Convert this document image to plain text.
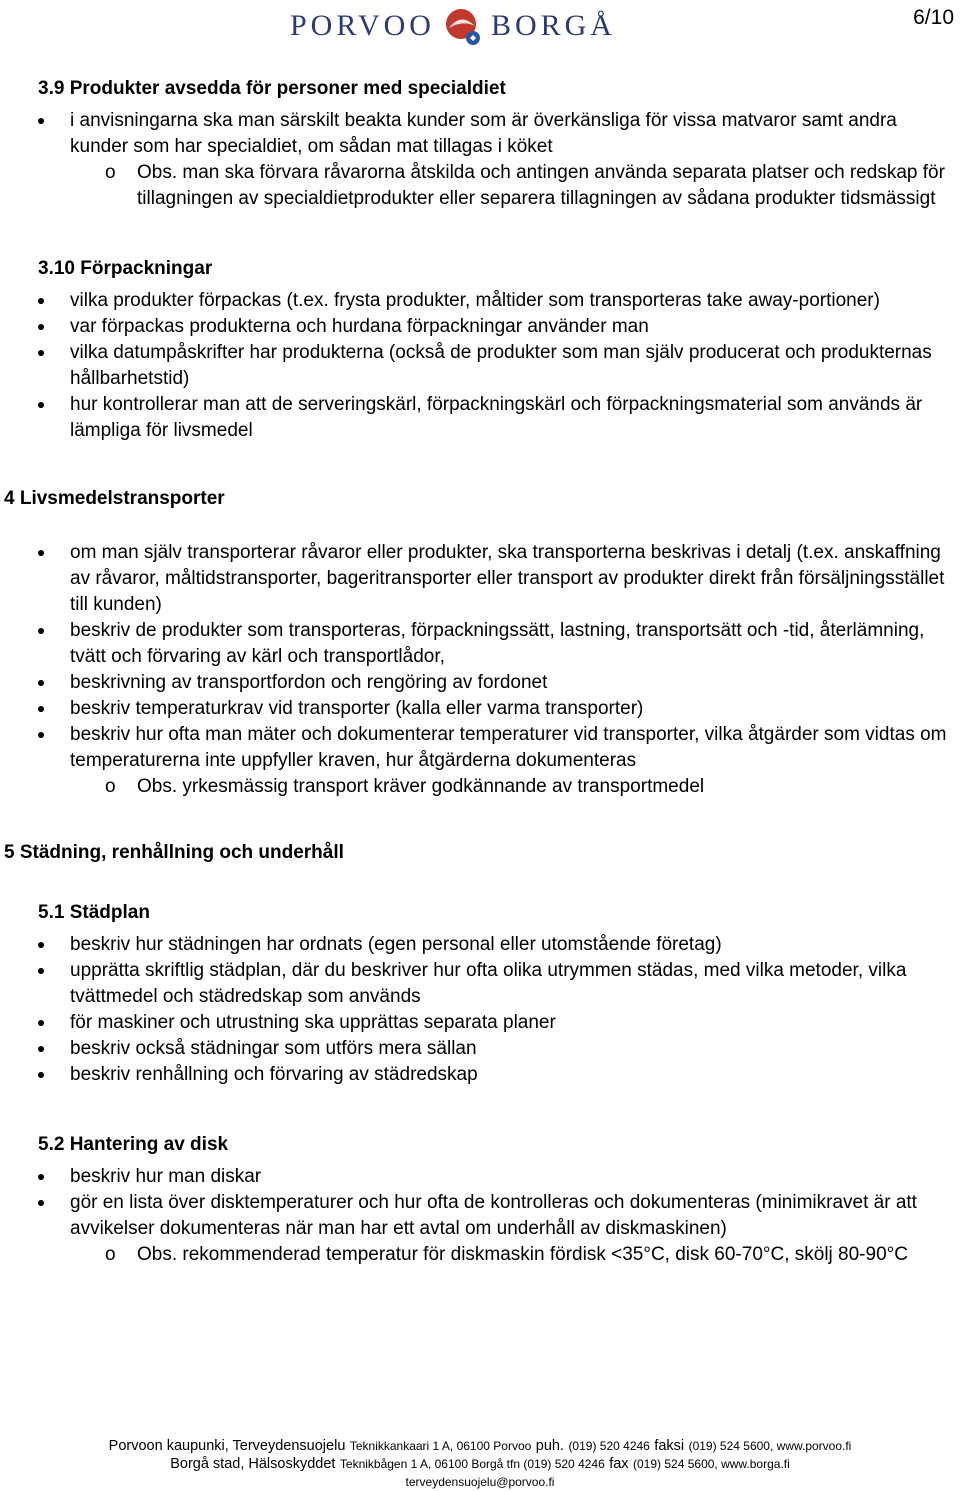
PORVOO BORGÅ	6/10
3.9 Produkter avsedda för personer med specialdiet
i anvisningarna ska man särskilt beakta kunder som är överkänsliga för vissa matvaror samt andra kunder som har specialdiet, om sådan mat tillagas i köket
o Obs. man ska förvara råvarorna åtskilda och antingen använda separata platser och redskap för tillagningen av specialdietprodukter eller separera tillagningen av sådana produkter tidsmässigt
3.10 Förpackningar
vilka produkter förpackas (t.ex. frysta produkter, måltider som transporteras take away-portioner)
var förpackas produkterna och hurdana förpackningar använder man
vilka datumpåskrifter har produkterna (också de produkter som man själv producerat och produkternas hållbarhetstid)
hur kontrollerar man att de serveringskärl, förpackningskärl och förpackningsmaterial som används är lämpliga för livsmedel
4 Livsmedelstransporter
om man själv transporterar råvaror eller produkter, ska transporterna beskrivas i detalj (t.ex. anskaffning av råvaror, måltidstransporter, bageritransporter eller transport av produkter direkt från försäljningsstället till kunden)
beskriv de produkter som transporteras, förpackningssätt, lastning, transportsätt och -tid, återlämning, tvätt och förvaring av kärl och transportlådor,
beskrivning av transportfordon och rengöring av fordonet
beskriv temperaturkrav vid transporter (kalla eller varma transporter)
beskriv hur ofta man mäter och dokumenterar temperaturer vid transporter, vilka åtgärder som vidtas om temperaturerna inte uppfyller kraven, hur åtgärderna dokumenteras
o Obs. yrkesmässig transport kräver godkännande av transportmedel
5 Städning, renhållning och underhåll
5.1 Städplan
beskriv hur städningen har ordnats (egen personal eller utomstående företag)
upprätta skriftlig städplan, där du beskriver hur ofta olika utrymmen städas, med vilka metoder, vilka tvättmedel och städredskap som används
för maskiner och utrustning ska upprättas separata planer
beskriv också städningar som utförs mera sällan
beskriv renhållning och förvaring av städredskap
5.2 Hantering av disk
beskriv hur man diskar
gör en lista över disktemperaturer och hur ofta de kontrolleras och dokumenteras (minimikravet är att avvikelser dokumenteras när man har ett avtal om underhåll av diskmaskinen)
o Obs. rekommenderad temperatur för diskmaskin fördisk <35°C, disk 60-70°C, skölj 80-90°C
Porvoon kaupunki, Terveydensuojelu Teknikkankaari 1 A, 06100 Porvoo puh. (019) 520 4246 faksi (019) 524 5600, www.porvoo.fi
Borgå stad, Hälsoskyddet Teknikbågen 1 A, 06100 Borgå tfn (019) 520 4246 fax (019) 524 5600, www.borga.fi
terveydensuojelu@porvoo.fi
